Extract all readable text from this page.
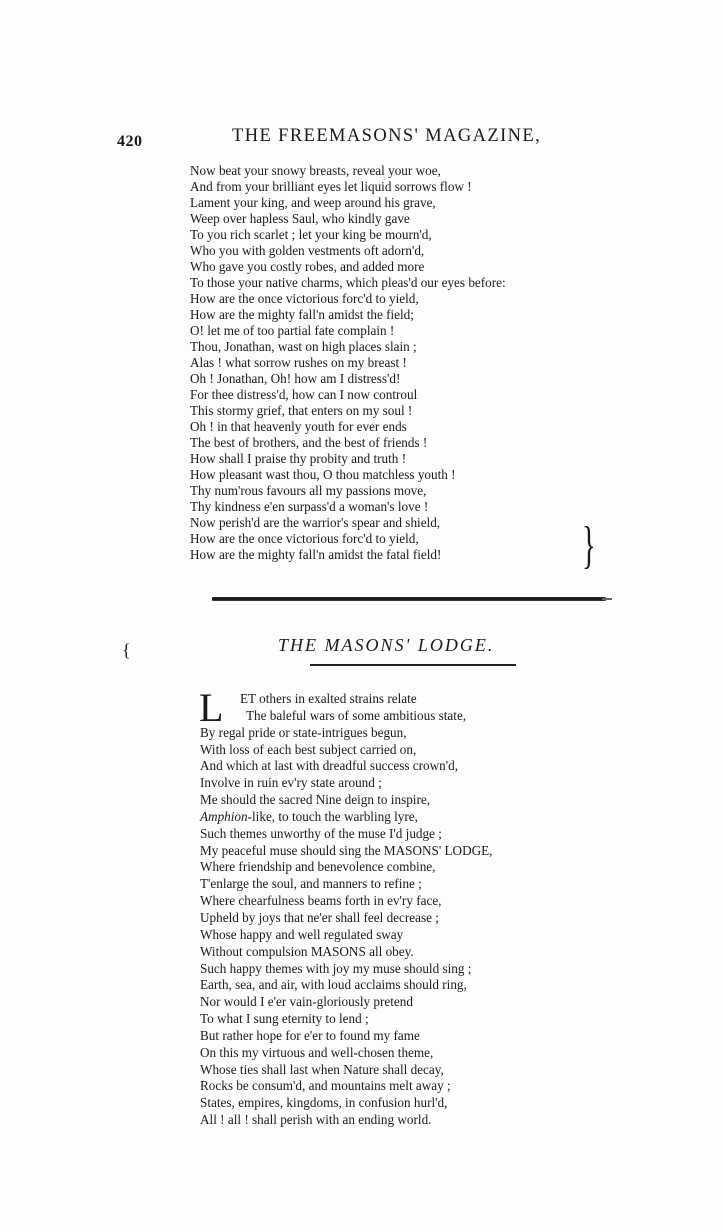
420	THE FREEMASONS' MAGAZINE,
Now beat your snowy breasts, reveal your woe,
And from your brilliant eyes let liquid sorrows flow !
Lament your king, and weep around his grave,
Weep over hapless Saul, who kindly gave
To you rich scarlet ; let your king be mourn'd,
Who you with golden vestments oft adorn'd,
Who gave you costly robes, and added more
To those your native charms, which pleas'd our eyes before:
How are the once victorious forc'd to yield,
How are the mighty fall'n amidst the field;
O! let me of too partial fate complain !
Thou, Jonathan, wast on high places slain ;
Alas ! what sorrow rushes on my breast !
Oh ! Jonathan, Oh! how am I distress'd!
For thee distress'd, how can I now controul
This stormy grief, that enters on my soul !
Oh ! in that heavenly youth for ever ends
The best of brothers, and the best of friends !
How shall I praise thy probity and truth !
How pleasant wast thou, O thou matchless youth !
Thy num'rous favours all my passions move,
Thy kindness e'en surpass'd a woman's love !
Now perish'd are the warrior's spear and shield,
How are the once victorious forc'd to yield,
How are the mighty fall'n amidst the fatal field!	}
{	THE MASONS' LODGE.
L	ET others in exalted strains relate
The baleful wars of some ambitious state,
By regal pride or state-intrigues begun,
With loss of each best subject carried on,
And which at last with dreadful success crown'd,
Involve in ruin ev'ry state around ;
Me should the sacred Nine deign to inspire,
Amphion-like, to touch the warbling lyre,
Such themes unworthy of the muse I'd judge ;
My peaceful muse should sing the MASONS' LODGE,
Where friendship and benevolence combine,
T'enlarge the soul, and manners to refine ;
Where chearfulness beams forth in ev'ry face,
Upheld by joys that ne'er shall feel decrease ;
Whose happy and well regulated sway
Without compulsion MASONS all obey.
Such happy themes with joy my muse should sing ;
Earth, sea, and air, with loud acclaims should ring,
Nor would I e'er vain-gloriously pretend
To what I sung eternity to lend ;
But rather hope for e'er to found my fame
On this my virtuous and well-chosen theme,
Whose ties shall last when Nature shall decay,
Rocks be consum'd, and mountains melt away ;
States, empires, kingdoms, in confusion hurl'd,
All ! all ! shall perish with an ending world.
